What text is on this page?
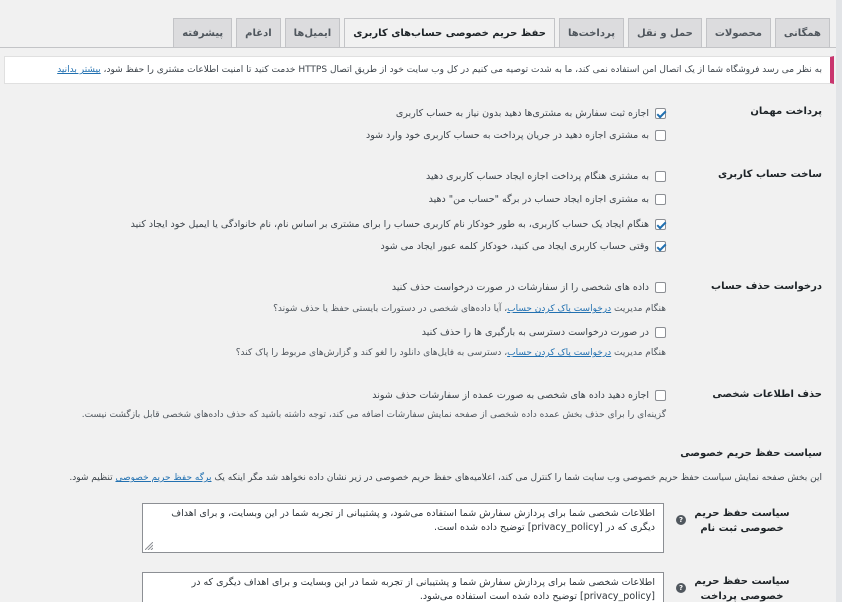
همگانی
محصولات
حمل و نقل
پرداخت‌ها
حفظ حریم خصوصی حساب‌های کاربری
ایمیل‌ها
ادغام
پیشرفته
به نظر می رسد فروشگاه شما از یک اتصال امن استفاده نمی کند، ما به شدت توصیه می کنیم در کل وب سایت خود از طریق اتصال HTTPS خدمت کنید تا امنیت اطلاعات مشتری را حفظ شود، بیشتر بدانید
پرداخت مهمان
اجازه ثبت سفارش به مشتری‌ها دهید بدون نیاز به حساب کاربری
به مشتری اجازه دهید در جریان پرداخت به حساب کاربری خود وارد شود
ساخت حساب کاربری
به مشتری هنگام پرداخت اجازه ایجاد حساب کاربری دهید
به مشتری اجازه ایجاد حساب در برگه "حساب من" دهید
هنگام ایجاد یک حساب کاربری، به طور خودکار نام کاربری حساب را برای مشتری بر اساس نام، نام خانوادگی یا ایمیل خود ایجاد کنید
وقتی حساب کاربری ایجاد می کنید، خودکار کلمه عبور ایجاد می شود
درخواست حذف حساب
داده های شخصی را از سفارشات در صورت درخواست حذف کنید
هنگام مدیریت درخواست پاک کردن حساب، آیا داده‌های شخصی در دستورات بایستی حفظ یا حذف شوند؟
در صورت درخواست دسترسی به بارگیری ها را حذف کنید
هنگام مدیریت درخواست پاک کردن حساب، دسترسی به فایل‌های دانلود را لغو کند و گزارش‌های مربوط را پاک کند؟
حذف اطلاعات شخصی
اجازه دهید داده های شخصی به صورت عمده از سفارشات حذف شوند
گزینه‌ای را برای حذف بخش عمده داده شخصی از صفحه نمایش سفارشات اضافه می کند، توجه داشته باشید که حذف داده‌های شخصی قابل بازگشت نیست.
سیاست حفظ حریم خصوصی
این بخش صفحه نمایش سیاست حفظ حریم خصوصی وب سایت شما را کنترل می کند، اعلامیه‌های حفظ حریم خصوصی در زیر نشان داده نخواهد شد مگر اینکه یک برگه حفظ حریم خصوصی تنظیم شود.
سیاست حفظ حریم خصوصی ثبت نام
?
اطلاعات شخصی شما برای پردازش سفارش شما استفاده می‌شود، و پشتیبانی از تجربه شما در این وبسایت، و برای اهداف دیگری که در [privacy_policy] توضیح داده شده است.
سیاست حفظ حریم خصوصی پرداخت
?
اطلاعات شخصی شما برای پردازش سفارش شما و پشتیبانی از تجربه شما در این وبسایت و برای اهداف دیگری که در [privacy_policy] توضیح داده شده است استفاده می‌شود.
